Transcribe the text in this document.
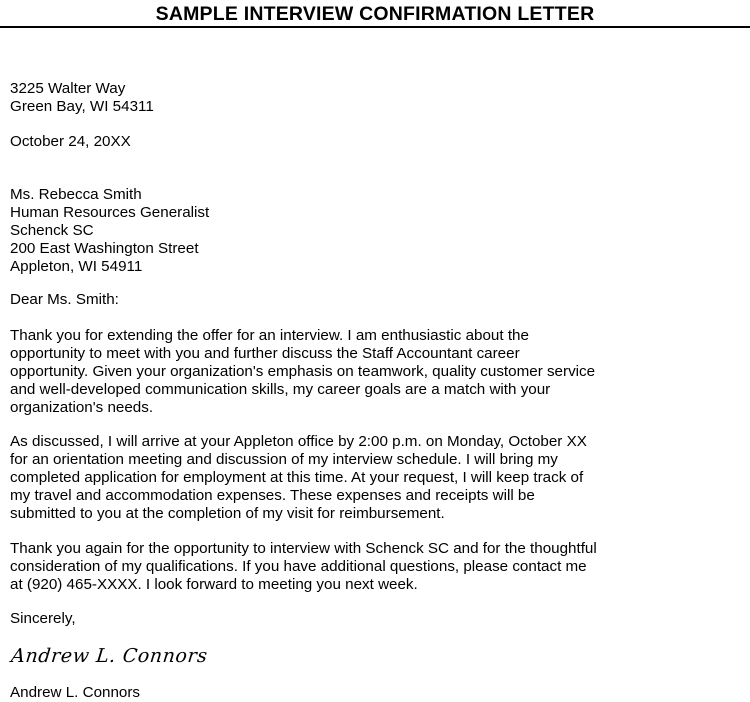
SAMPLE INTERVIEW CONFIRMATION LETTER

3225 Walter Way

Green Bay, WI 54311

October 24, 20XX

Ms. Rebecca Smith

Human Resources Generalist

Schenck SC

200 East Washington Street

Appleton, WI 54911

Dear Ms. Smith:

Thank you for extending the offer for an interview. I am enthusiastic about the

opportunity to meet with you and further discuss the Staff Accountant career

opportunity. Given your organization's emphasis on teamwork, quality customer service

and well-developed communication skills, my career goals are a match with your

organization's needs.

As discussed, I will arrive at your Appleton office by 2:00 p.m. on Monday, October XX

for an orientation meeting and discussion of my interview schedule. I will bring my

completed application for employment at this time. At your request, I will keep track of

my travel and accommodation expenses. These expenses and receipts will be

submitted to you at the completion of my visit for reimbursement.

Thank you again for the opportunity to interview with Schenck SC and for the thoughtful

consideration of my qualifications. If you have additional questions, please contact me

at (920) 465-XXXX. I look forward to meeting you next week.

Sincerely,

Andrew L. Connors

Andrew L. Connors
